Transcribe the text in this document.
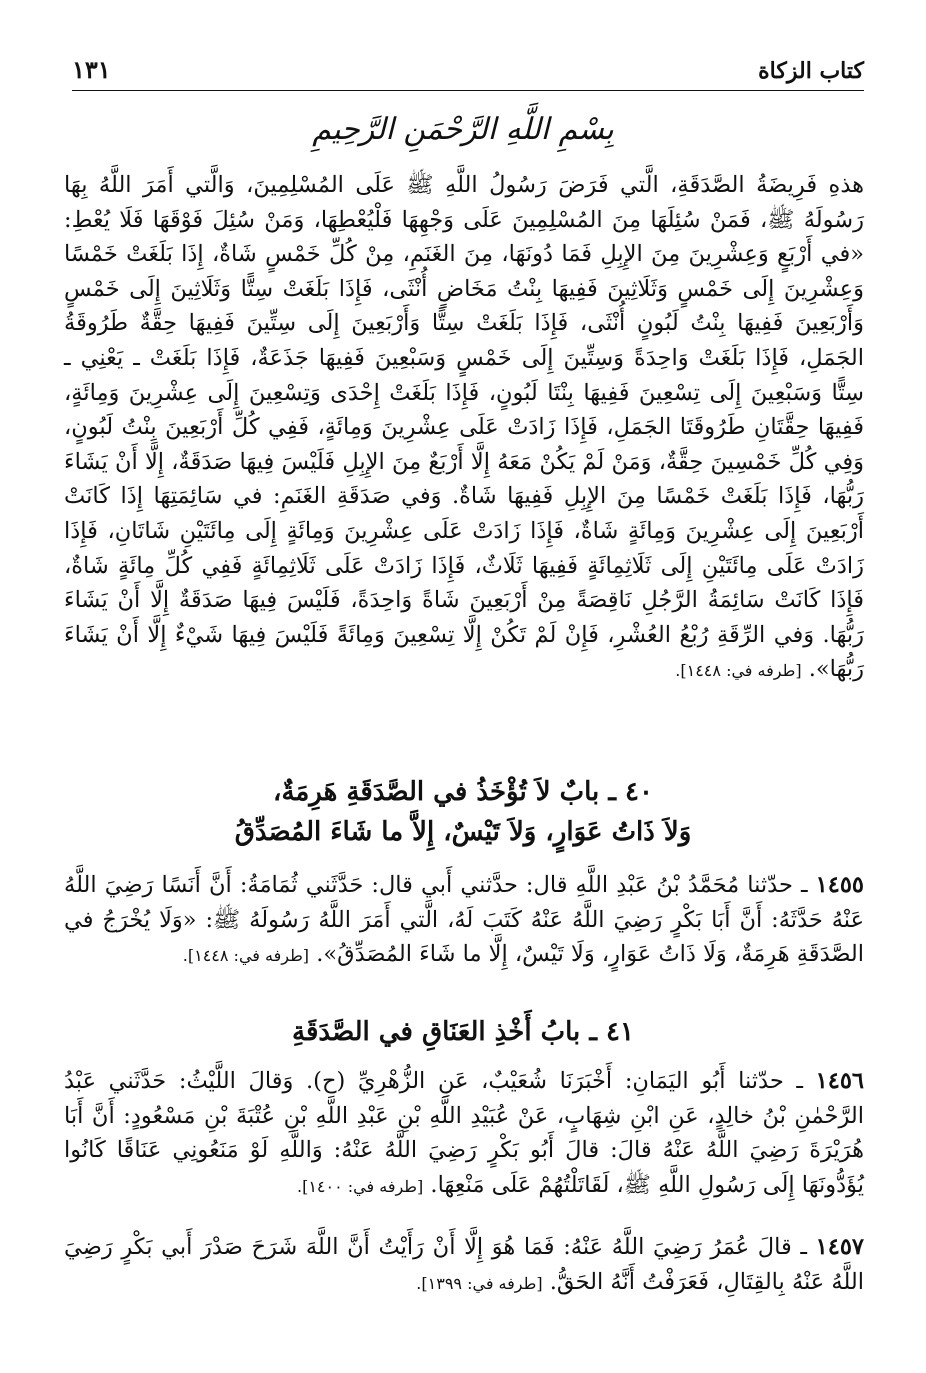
كتاب الزكاة
١٣١
بِسْمِ اللَّهِ الرَّحْمَنِ الرَّحِيمِ

هذهِ فَرِيضَةُ الصَّدَقَةِ، الَّتي فَرَضَ رَسُولُ اللَّهِ ﷺ عَلَى المُسْلِمِينَ، وَالَّتي أَمَرَ اللَّهُ بِهَا رَسُولَهُ ﷺ، فَمَنْ سُئِلَهَا مِنَ المُسْلِمِينَ عَلَى وَجْهِهَا فَلْيُعْطِهَا، وَمَنْ سُئِلَ فَوْقَهَا فَلَا يُعْطِ: «في أَرْبَعٍ وَعِشْرِينَ مِنَ الإِبِلِ فَمَا دُونَهَا، مِنَ الغَنَمِ، مِنْ كُلِّ خَمْسٍ شَاةٌ، إِذَا بَلَغَتْ خَمْسًا وَعِشْرِينَ إِلَى خَمْسٍ وَثَلَاثِينَ فَفِيهَا بِنْتُ مَخَاضٍ أُنْثَى، فَإِذَا بَلَغَتْ سِتًّا وَثَلَاثِينَ إِلَى خَمْسٍ وَأَرْبَعِينَ فَفِيهَا بِنْتُ لَبُونٍ أُنْثَى، فَإِذَا بَلَغَتْ سِتًّا وَأَرْبَعِينَ إِلَى سِتِّينَ فَفِيهَا حِقَّةٌ طَرُوقَةُ الجَمَلِ، فَإِذَا بَلَغَتْ وَاحِدَةً وَسِتِّينَ إِلَى خَمْسٍ وَسَبْعِينَ فَفِيهَا جَذَعَةٌ، فَإِذَا بَلَغَتْ ـ يَعْنِي ـ سِتًّا وَسَبْعِينَ إِلَى تِسْعِينَ فَفِيهَا بِنْتَا لَبُونٍ، فَإِذَا بَلَغَتْ إِحْدَى وَتِسْعِينَ إِلَى عِشْرِينَ وَمِائَةٍ، فَفِيهَا حِقَّتَانِ طَرُوقَتَا الجَمَلِ، فَإِذَا زَادَتْ عَلَى عِشْرِينَ وَمِائَةٍ، فَفِي كُلِّ أَرْبَعِينَ بِنْتُ لَبُونٍ، وَفِي كُلِّ خَمْسِينَ حِقَّةٌ، وَمَنْ لَمْ يَكُنْ مَعَهُ إِلَّا أَرْبَعٌ مِنَ الإِبِلِ فَلَيْسَ فِيهَا صَدَقَةٌ، إِلَّا أَنْ يَشَاءَ رَبُّهَا، فَإِذَا بَلَغَتْ خَمْسًا مِنَ الإِبِلِ فَفِيهَا شَاةٌ. وَفي صَدَقَةِ الغَنَمِ: في سَائِمَتِهَا إِذَا كَانَتْ أَرْبَعِينَ إِلَى عِشْرِينَ وَمِائَةٍ شَاةٌ، فَإِذَا زَادَتْ عَلَى عِشْرِينَ وَمِائَةٍ إِلَى مِائَتَيْنِ شَاتَانِ، فَإِذَا زَادَتْ عَلَى مِائَتَيْنِ إِلَى ثَلَاثِمِائَةٍ فَفِيهَا ثَلَاثٌ، فَإِذَا زَادَتْ عَلَى ثَلَاثِمِائَةٍ فَفِي كُلِّ مِائَةٍ شَاةٌ، فَإِذَا كَانَتْ سَائِمَةُ الرَّجُلِ نَاقِصَةً مِنْ أَرْبَعِينَ شَاةً وَاحِدَةً، فَلَيْسَ فِيهَا صَدَقَةٌ إِلَّا أَنْ يَشَاءَ رَبُّهَا. وَفي الرِّقَةِ رُبْعُ العُشْرِ، فَإِنْ لَمْ تَكُنْ إِلَّا تِسْعِينَ وَمِائَةً فَلَيْسَ فِيهَا شَيْءٌ إِلَّا أَنْ يَشَاءَ رَبُّهَا». [طرفه في: ١٤٤٨].

٤٠ ـ بابٌ لاَ تُؤْخَذُ في الصَّدَقَةِ هَرِمَةٌ،
وَلاَ ذَاتُ عَوَارٍ، وَلاَ تَيْسٌ، إِلاَّ ما شَاءَ المُصَدِّقُ

١٤٥٥ ـ حدّثنا مُحَمَّدُ بْنُ عَبْدِ اللَّهِ قال: حدَّثني أَبي قال: حَدَّثَني ثُمَامَةُ: أَنَّ أَنَسًا رَضِيَ اللَّهُ عَنْهُ حَدَّثَهُ: أَنَّ أَبَا بَكْرٍ رَضِيَ اللَّهُ عَنْهُ كَتَبَ لَهُ، الَّتي أَمَرَ اللَّهُ رَسُولَهُ ﷺ: «وَلَا يُخْرَجُ في الصَّدَقَةِ هَرِمَةٌ، وَلَا ذَاتُ عَوَارٍ، وَلَا تَيْسٌ، إِلَّا ما شَاءَ المُصَدِّقُ». [طرفه في: ١٤٤٨].

٤١ ـ بابُ أَخْذِ العَنَاقِ في الصَّدَقَةِ

١٤٥٦ ـ حدّثنا أَبُو اليَمَانِ: أَخْبَرَنَا شُعَيْبٌ، عَنِ الزُّهْرِيِّ (ح). وَقالَ اللَّيْثُ: حَدَّثَني عَبْدُ الرَّحْمٰنِ بْنُ خالِدٍ، عَنِ ابْنِ شِهَابٍ، عَنْ عُبَيْدِ اللَّهِ بْنِ عَبْدِ اللَّهِ بْنِ عُتْبَةَ بْنِ مَسْعُودٍ: أَنَّ أَبَا هُرَيْرَةَ رَضِيَ اللَّهُ عَنْهُ قالَ: قالَ أَبُو بَكْرٍ رَضِيَ اللَّهُ عَنْهُ: وَاللَّهِ لَوْ مَنَعُونِي عَنَاقًا كَانُوا يُؤَدُّونَهَا إِلَى رَسُولِ اللَّهِ ﷺ، لَقَاتَلْتُهُمْ عَلَى مَنْعِهَا. [طرفه في: ١٤٠٠].

١٤٥٧ ـ قالَ عُمَرُ رَضِيَ اللَّهُ عَنْهُ: فَمَا هُوَ إِلَّا أَنْ رَأَيْتُ أَنَّ اللَّهَ شَرَحَ صَدْرَ أَبي بَكْرٍ رَضِيَ اللَّهُ عَنْهُ بِالقِتَالِ، فَعَرَفْتُ أَنَّهُ الحَقُّ. [طرفه في: ١٣٩٩].
